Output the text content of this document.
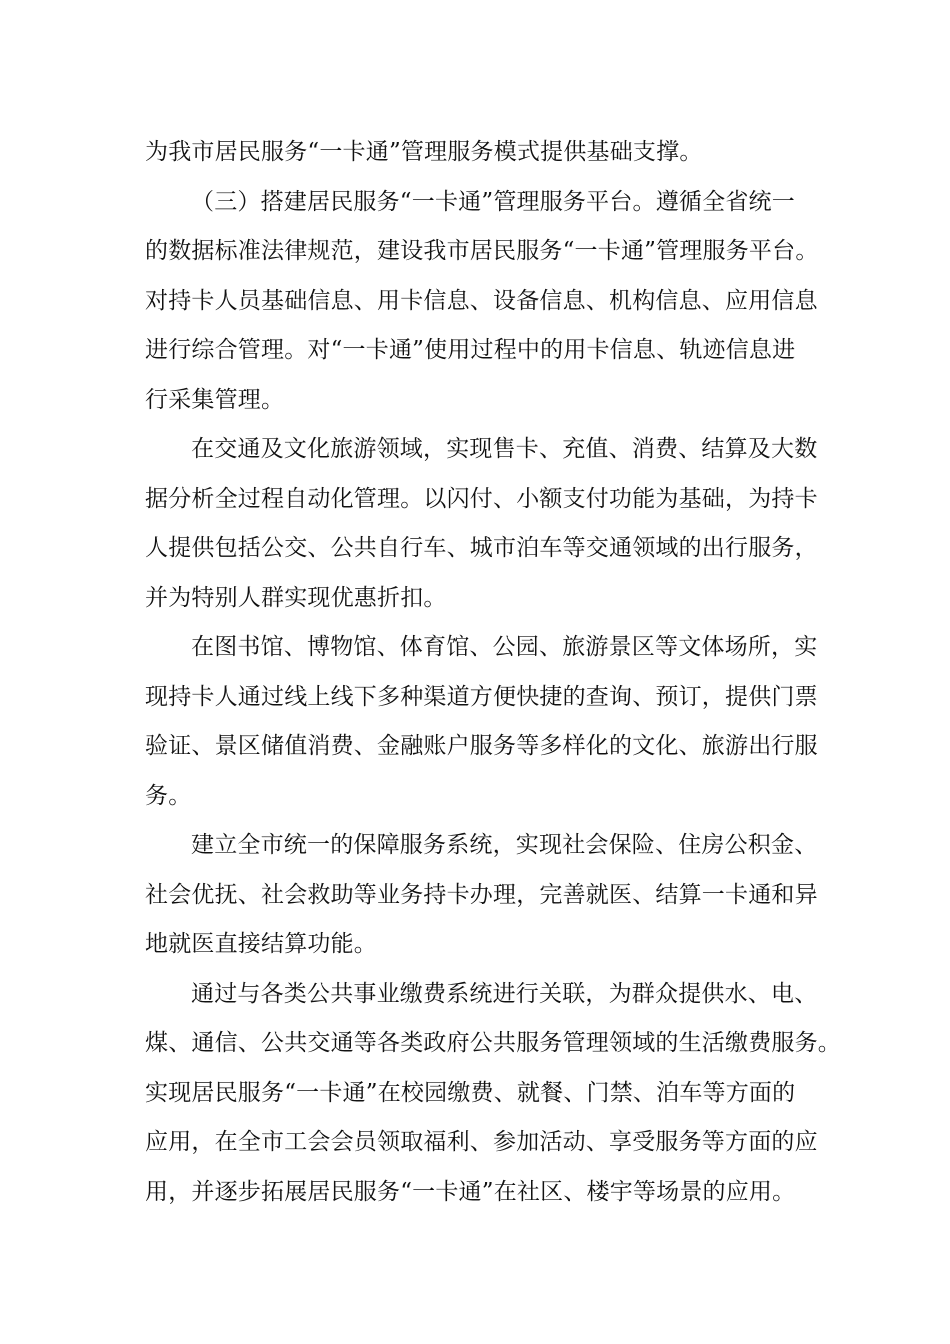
为我市居民服务“一卡通”管理服务模式提供基础支撑。
（三）搭建居民服务“一卡通”管理服务平台。遵循全省统一
的数据标准法律规范，建设我市居民服务“一卡通”管理服务平台。
对持卡人员基础信息、用卡信息、设备信息、机构信息、应用信息
进行综合管理。对“一卡通”使用过程中的用卡信息、轨迹信息进
行采集管理。
在交通及文化旅游领域，实现售卡、充值、消费、结算及大数
据分析全过程自动化管理。以闪付、小额支付功能为基础，为持卡
人提供包括公交、公共自行车、城市泊车等交通领域的出行服务，
并为特别人群实现优惠折扣。
在图书馆、博物馆、体育馆、公园、旅游景区等文体场所，实
现持卡人通过线上线下多种渠道方便快捷的查询、预订，提供门票
验证、景区储值消费、金融账户服务等多样化的文化、旅游出行服
务。
建立全市统一的保障服务系统，实现社会保险、住房公积金、
社会优抚、社会救助等业务持卡办理，完善就医、结算一卡通和异
地就医直接结算功能。
通过与各类公共事业缴费系统进行关联，为群众提供水、电、
煤、通信、公共交通等各类政府公共服务管理领域的生活缴费服务。
实现居民服务“一卡通”在校园缴费、就餐、门禁、泊车等方面的
应用，在全市工会会员领取福利、参加活动、享受服务等方面的应
用，并逐步拓展居民服务“一卡通”在社区、楼宇等场景的应用。
